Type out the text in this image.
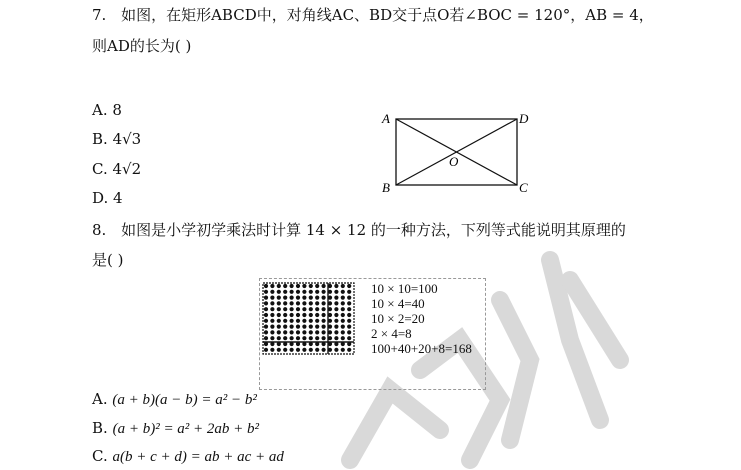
7. 如图，在矩形ABCD中，对角线AC、BD交于点O若∠BOC = 120°，AB = 4，
则AD的长为( )
A. 8
B. 4√3
C. 4√2
D. 4
A	D
B	C
O
8. 如图是小学初学乘法时计算 14 × 12 的一种方法，下列等式能说明其原理的
是( )
10 × 10=100
10 × 4=40
10 × 2=20
2 × 4=8
100+40+20+8=168
A. (a + b)(a − b) = a² − b²
B. (a + b)² = a² + 2ab + b²
C. a(b + c + d) = ab + ac + ad
